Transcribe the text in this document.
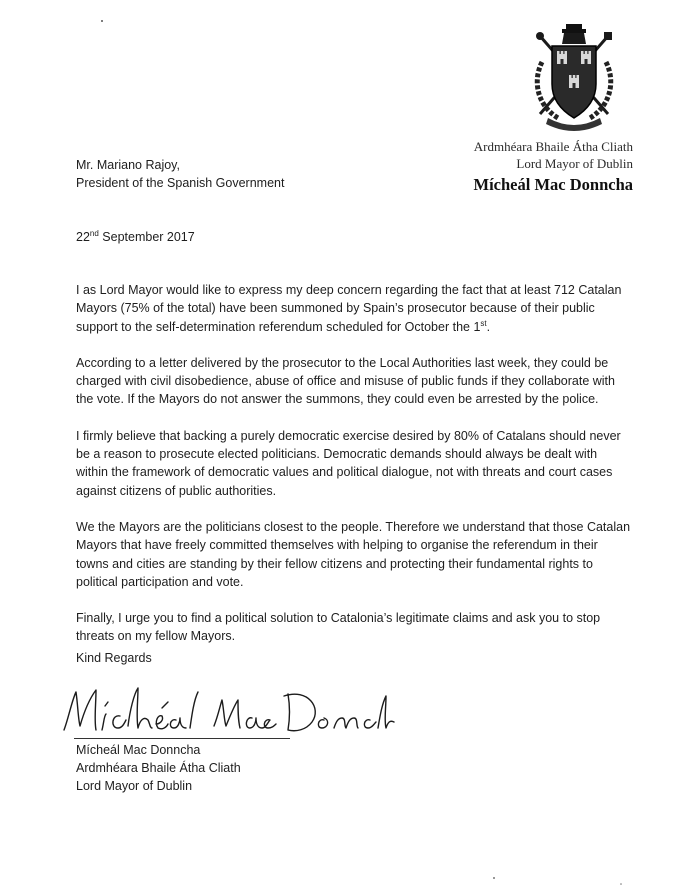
Ardmhéara Bhaile Átha Cliath
Lord Mayor of Dublin
Mícheál Mac Donncha
Mr. Mariano Rajoy,
President of the Spanish Government
22nd September 2017

I as Lord Mayor would like to express my deep concern regarding the fact that at least 712 Catalan Mayors (75% of the total) have been summoned by Spain’s prosecutor because of their public support to the self-determination referendum scheduled for October the 1st.

According to a letter delivered by the prosecutor to the Local Authorities last week, they could be charged with civil disobedience, abuse of office and misuse of public funds if they collaborate with the vote. If the Mayors do not answer the summons, they could even be arrested by the police.

I firmly believe that backing a purely democratic exercise desired by 80% of Catalans should never be a reason to prosecute elected politicians. Democratic demands should always be dealt with within the framework of democratic values and political dialogue, not with threats and court cases against citizens of public authorities.

We the Mayors are the politicians closest to the people. Therefore we understand that those Catalan Mayors that have freely committed themselves with helping to organise the referendum in their towns and cities are standing by their fellow citizens and protecting their fundamental rights to political participation and vote.

Finally, I urge you to find a political solution to Catalonia’s legitimate claims and ask you to stop threats on my fellow Mayors.

Kind Regards
Mícheál Mac Donncha
Ardmhéara Bhaile Átha Cliath
Lord Mayor of Dublin
